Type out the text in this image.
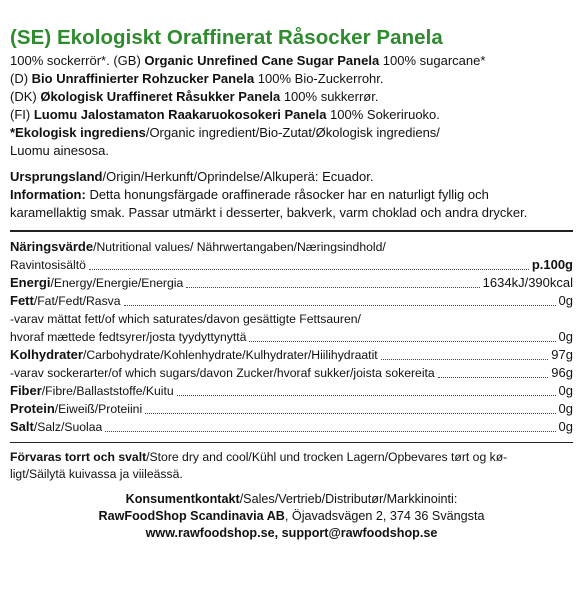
(SE) Ekologiskt Oraffinerat Råsocker Panela
100% sockerrör*. (GB) Organic Unrefined Cane Sugar Panela 100% sugarcane*
(D) Bio Unraffinierter Rohzucker Panela 100% Bio-Zuckerrohr.
(DK) Økologisk Uraffineret Råsukker Panela 100% sukkerrør.
(FI) Luomu Jalostamaton Raakaruokosokeri Panela 100% Sokeriruoko.
*Ekologisk ingrediens/Organic ingredient/Bio-Zutat/Økologisk ingrediens/
Luomu ainesosa.
Ursprungsland/Origin/Herkunft/Oprindelse/Alkuperä: Ecuador.
Information: Detta honungsfärgade oraffinerade råsocker har en naturligt fyllig och karamellaktig smak. Passar utmärkt i desserter, bakverk, varm choklad och andra drycker.
Näringsvärde/Nutritional values/ Nährwertangaben/Næringsindhold/
Ravintosisältö	p.100g
Energi/Energy/Energie/Energia	1634kJ/390kcal
Fett/Fat/Fedt/Rasva	0g
-varav mättat fett/of which saturates/davon gesättigte Fettsauren/
hvoraf mættede fedtsyrer/josta tyydyttynyttä	0g
Kolhydrater/Carbohydrate/Kohlenhydrate/Kulhydrater/Hiilihydraatit	97g
-varav sockerarter/of which sugars/davon Zucker/hvoraf sukker/joista sokereita	96g
Fiber/Fibre/Ballaststoffe/Kuitu	0g
Protein/Eiweiß/Proteiini	0g
Salt/Salz/Suolaa	0g
Förvaras torrt och svalt/Store dry and cool/Kühl und trocken Lagern/Opbevares tørt og kø-
ligt/Säilytä kuivassa ja viileässä.
Konsumentkontakt/Sales/Vertrieb/Distributør/Markkinointi:
RawFoodShop Scandinavia AB, Öjavadsvägen 2, 374 36 Svängsta
www.rawfoodshop.se, support@rawfoodshop.se
